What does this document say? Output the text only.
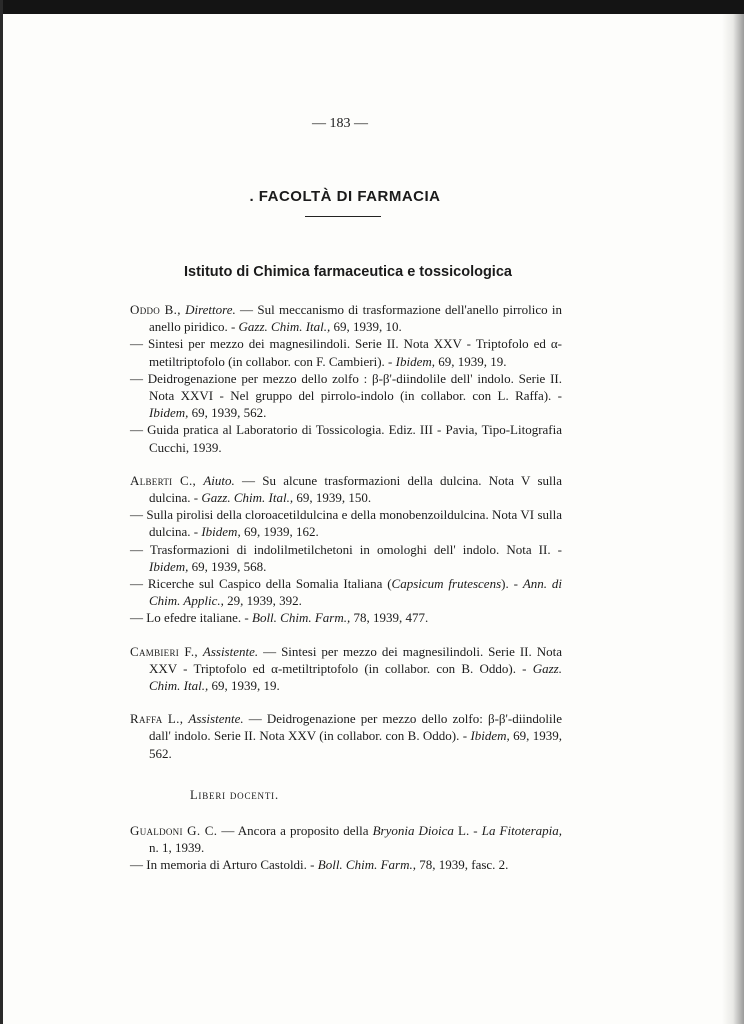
— 183 —
. FACOLTÀ DI FARMACIA
Istituto di Chimica farmaceutica e tossicologica

Oddo B., Direttore. — Sul meccanismo di trasformazione dell'anello pirrolico in anello piridico. - Gazz. Chim. Ital., 69, 1939, 10.

— Sintesi per mezzo dei magnesilindoli. Serie II. Nota XXV - Triptofolo ed α-metiltriptofolo (in collabor. con F. Cambieri). - Ibidem, 69, 1939, 19.

— Deidrogenazione per mezzo dello zolfo : β-β'-diindolile dell' indolo. Serie II. Nota XXVI - Nel gruppo del pirrolo-indolo (in collabor. con L. Raffa). - Ibidem, 69, 1939, 562.

— Guida pratica al Laboratorio di Tossicologia. Ediz. III - Pavia, Tipo-Litografia Cucchi, 1939.

Alberti C., Aiuto. — Su alcune trasformazioni della dulcina. Nota V sulla dulcina. - Gazz. Chim. Ital., 69, 1939, 150.

— Sulla pirolisi della cloroacetildulcina e della monobenzoildulcina. Nota VI sulla dulcina. - Ibidem, 69, 1939, 162.

— Trasformazioni di indolilmetilchetoni in omologhi dell' indolo. Nota II. - Ibidem, 69, 1939, 568.

— Ricerche sul Caspico della Somalia Italiana (Capsicum frutescens). - Ann. di Chim. Applic., 29, 1939, 392.

— Lo efedre italiane. - Boll. Chim. Farm., 78, 1939, 477.

Cambieri F., Assistente. — Sintesi per mezzo dei magnesilindoli. Serie II. Nota XXV - Triptofolo ed α-metiltriptofolo (in collabor. con B. Oddo). - Gazz. Chim. Ital., 69, 1939, 19.

Raffa L., Assistente. — Deidrogenazione per mezzo dello zolfo: β-β'-diindolile dall' indolo. Serie II. Nota XXV (in collabor. con B. Oddo). - Ibidem, 69, 1939, 562.

Liberi docenti.

Gualdoni G. C. — Ancora a proposito della Bryonia Dioica L. - La Fitoterapia, n. 1, 1939.

— In memoria di Arturo Castoldi. - Boll. Chim. Farm., 78, 1939, fasc. 2.
